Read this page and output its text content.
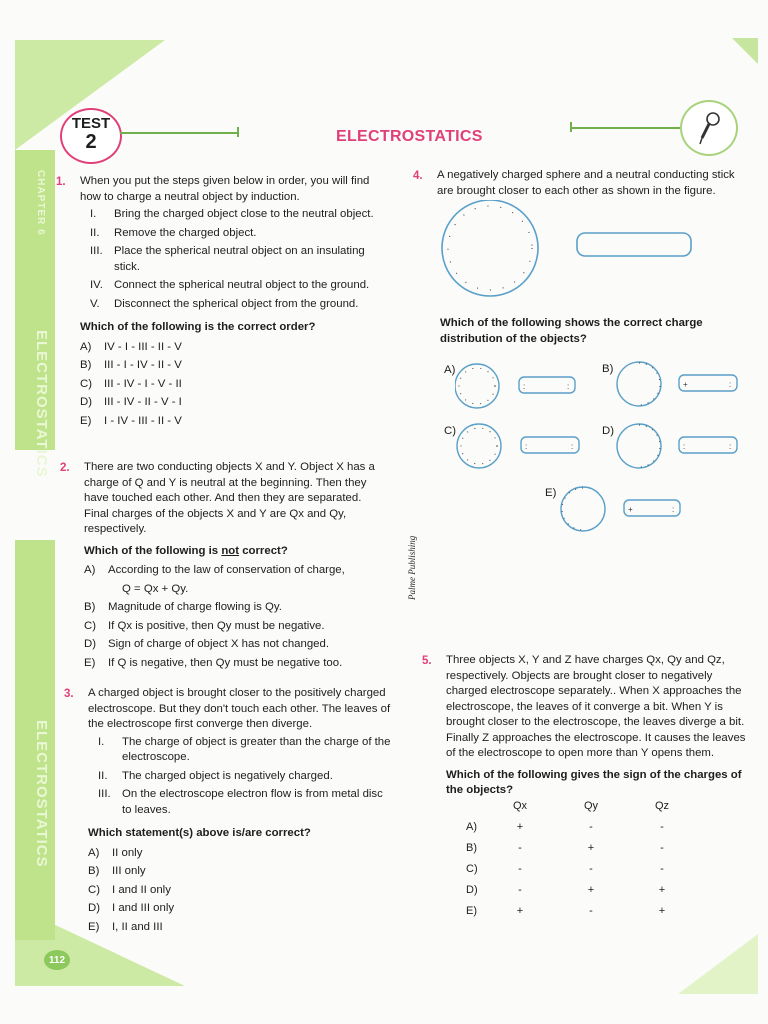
CHAPTER 6
ELECTROSTATICS
ELECTROSTATICS
TEST
2	ELECTROSTATICS
1. When you put the steps given below in order, you will find how to charge a neutral object by induction.
I.	Bring the charged object close to the neutral object.
II.	Remove the charged object.
III. Place the spherical neutral object on an insulating stick.
IV. Connect the spherical neutral object to the ground.
V.	Disconnect the spherical object from the ground.
Which of the following is the correct order?
A)	IV - I - III - II - V
B)	III - I - IV - II - V
C)	III - IV - I - V - II
D)	III - IV - II - V - I
E)	I - IV - III - II - V
2. There are two conducting objects X and Y. Object X has a charge of Q and Y is neutral at the beginning. Then they have touched each other. And then they are separated. Final charges of the objects X and Y are Qx and Qy, respectively.
Which of the following is not correct?
A)	According to the law of conservation of charge,
Q = Qx + Qy.
B)	Magnitude of charge flowing is Qy.
C)	If Qx is positive, then Qy must be negative.
D)	Sign of charge of object X has not changed.
E)	If Q is negative, then Qy must be negative too.
3. A charged object is brought closer to the positively charged electroscope. But they don't touch each other. The leaves of the electroscope first converge then diverge.
I.	The charge of object is greater than the charge of the electroscope.
II.	The charged object is negatively charged.
III. On the electroscope electron flow is from metal disc to leaves.
Which statement(s) above is/are correct?
A)	II only
B)	III only
C)	I and II only
D)	I and III only
E)	I, II and III
Palme Publishing
4. A negatively charged sphere and a neutral conducting stick are brought closer to each other as shown in the figure.
Which of the following shows the correct charge distribution of the objects?
A)
:	:
B)
+	:
C)
:	:
D)
:	:
E)
+	:
5. Three objects X, Y and Z have charges Qx, Qy and Qz, respectively. Objects are brought closer to negatively charged electroscope separately.. When X approaches the electroscope, the leaves of it converge a bit. When Y is brought closer to the electroscope, the leaves diverge a bit. Finally Z approaches the electroscope. It causes the leaves of the electroscope to open more than Y opens them.
Which of the following gives the sign of the charges of the objects?
Qx	Qy	Qz
A)	+	-	-
B)	-	+	-
C)	-	-	-
D)	-	+	+
E)	+	-	+
112
